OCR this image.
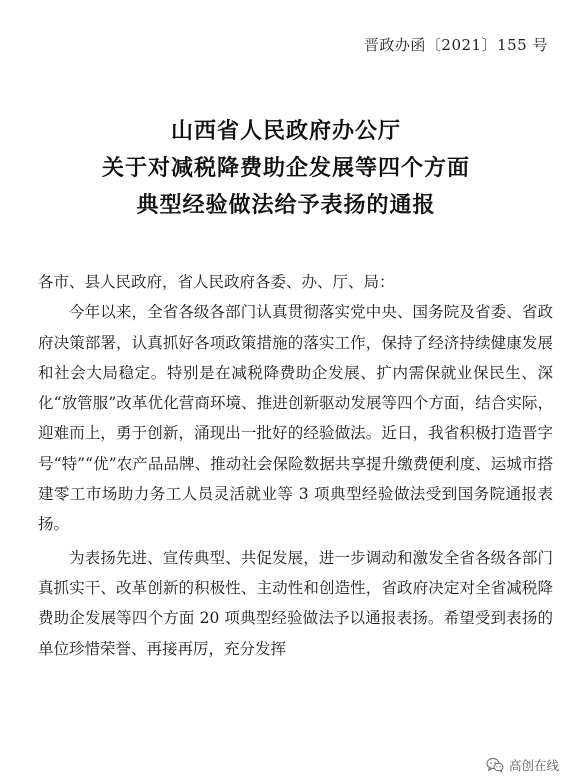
晋政办函〔2021〕155 号
山西省人民政府办公厅
关于对减税降费助企发展等四个方面
典型经验做法给予表扬的通报

各市、县人民政府，省人民政府各委、办、厅、局：

今年以来，全省各级各部门认真贯彻落实党中央、国务院及省委、省政府决策部署，认真抓好各项政策措施的落实工作，保持了经济持续健康发展和社会大局稳定。特别是在减税降费助企发展、扩内需保就业保民生、深化“放管服”改革优化营商环境、推进创新驱动发展等四个方面，结合实际，迎难而上，勇于创新，涌现出一批好的经验做法。近日，我省积极打造晋字号“特”“优”农产品品牌、推动社会保险数据共享提升缴费便利度、运城市搭建零工市场助力务工人员灵活就业等 3 项典型经验做法受到国务院通报表扬。

为表扬先进、宣传典型、共促发展，进一步调动和激发全省各级各部门真抓实干、改革创新的积极性、主动性和创造性，省政府决定对全省减税降费助企发展等四个方面 20 项典型经验做法予以通报表扬。希望受到表扬的单位珍惜荣誉、再接再厉，充分发挥

高创在线
